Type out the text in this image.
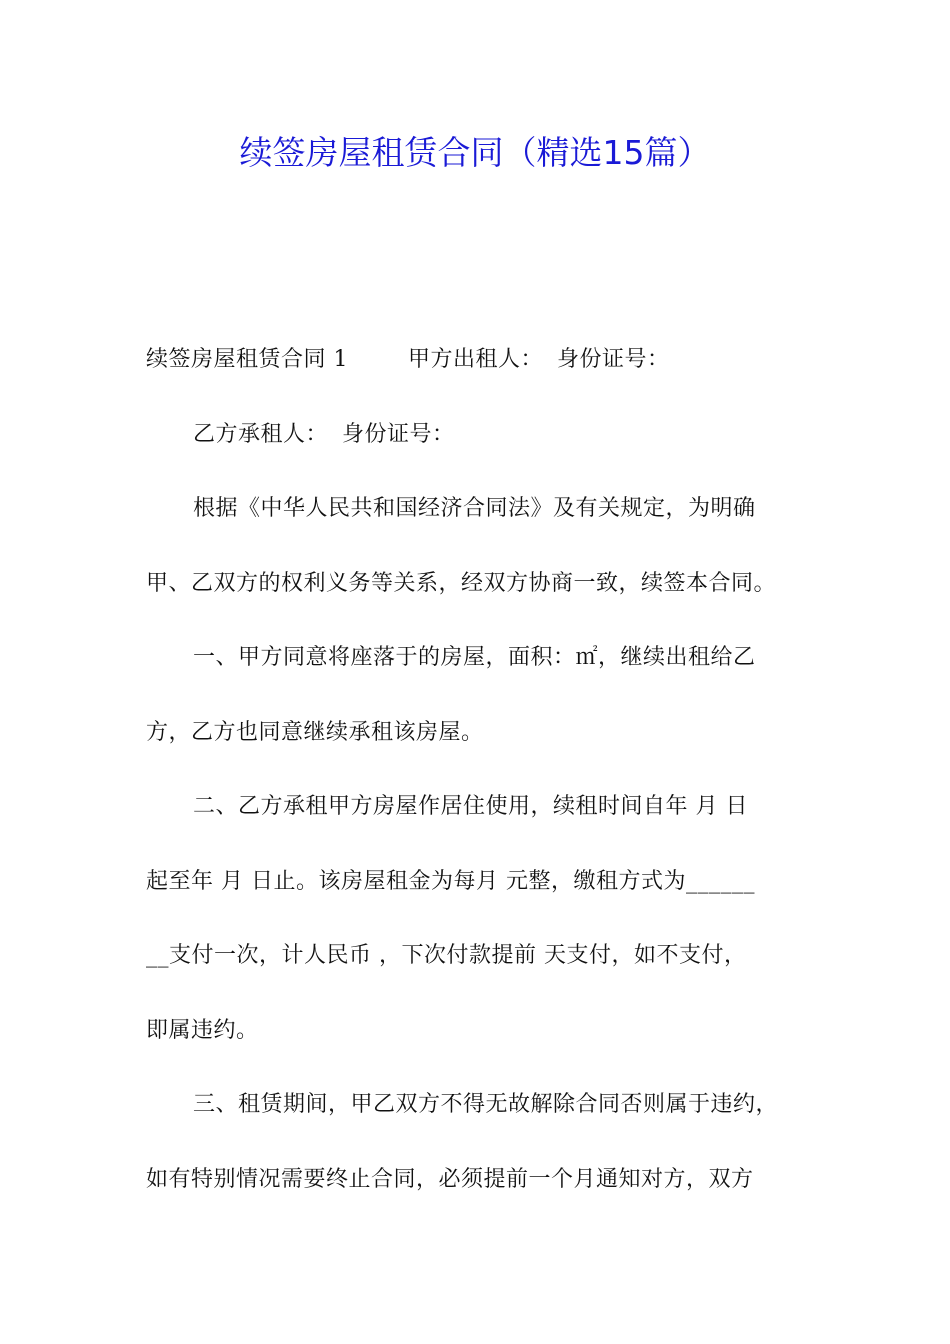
续签房屋租赁合同（精选15篇）
续签房屋租赁合同 1	甲方出租人： 身份证号：
乙方承租人： 身份证号：
根据《中华人民共和国经济合同法》及有关规定，为明确
甲、乙双方的权利义务等关系，经双方协商一致，续签本合同。
一、甲方同意将座落于的房屋，面积：㎡，继续出租给乙
方，乙方也同意继续承租该房屋。
二、乙方承租甲方房屋作居住使用，续租时间自年 月 日
起至年 月 日止。该房屋租金为每月 元整，缴租方式为______
__支付一次，计人民币 ，下次付款提前 天支付，如不支付，
即属违约。
三、租赁期间，甲乙双方不得无故解除合同否则属于违约，
如有特别情况需要终止合同，必须提前一个月通知对方，双方
